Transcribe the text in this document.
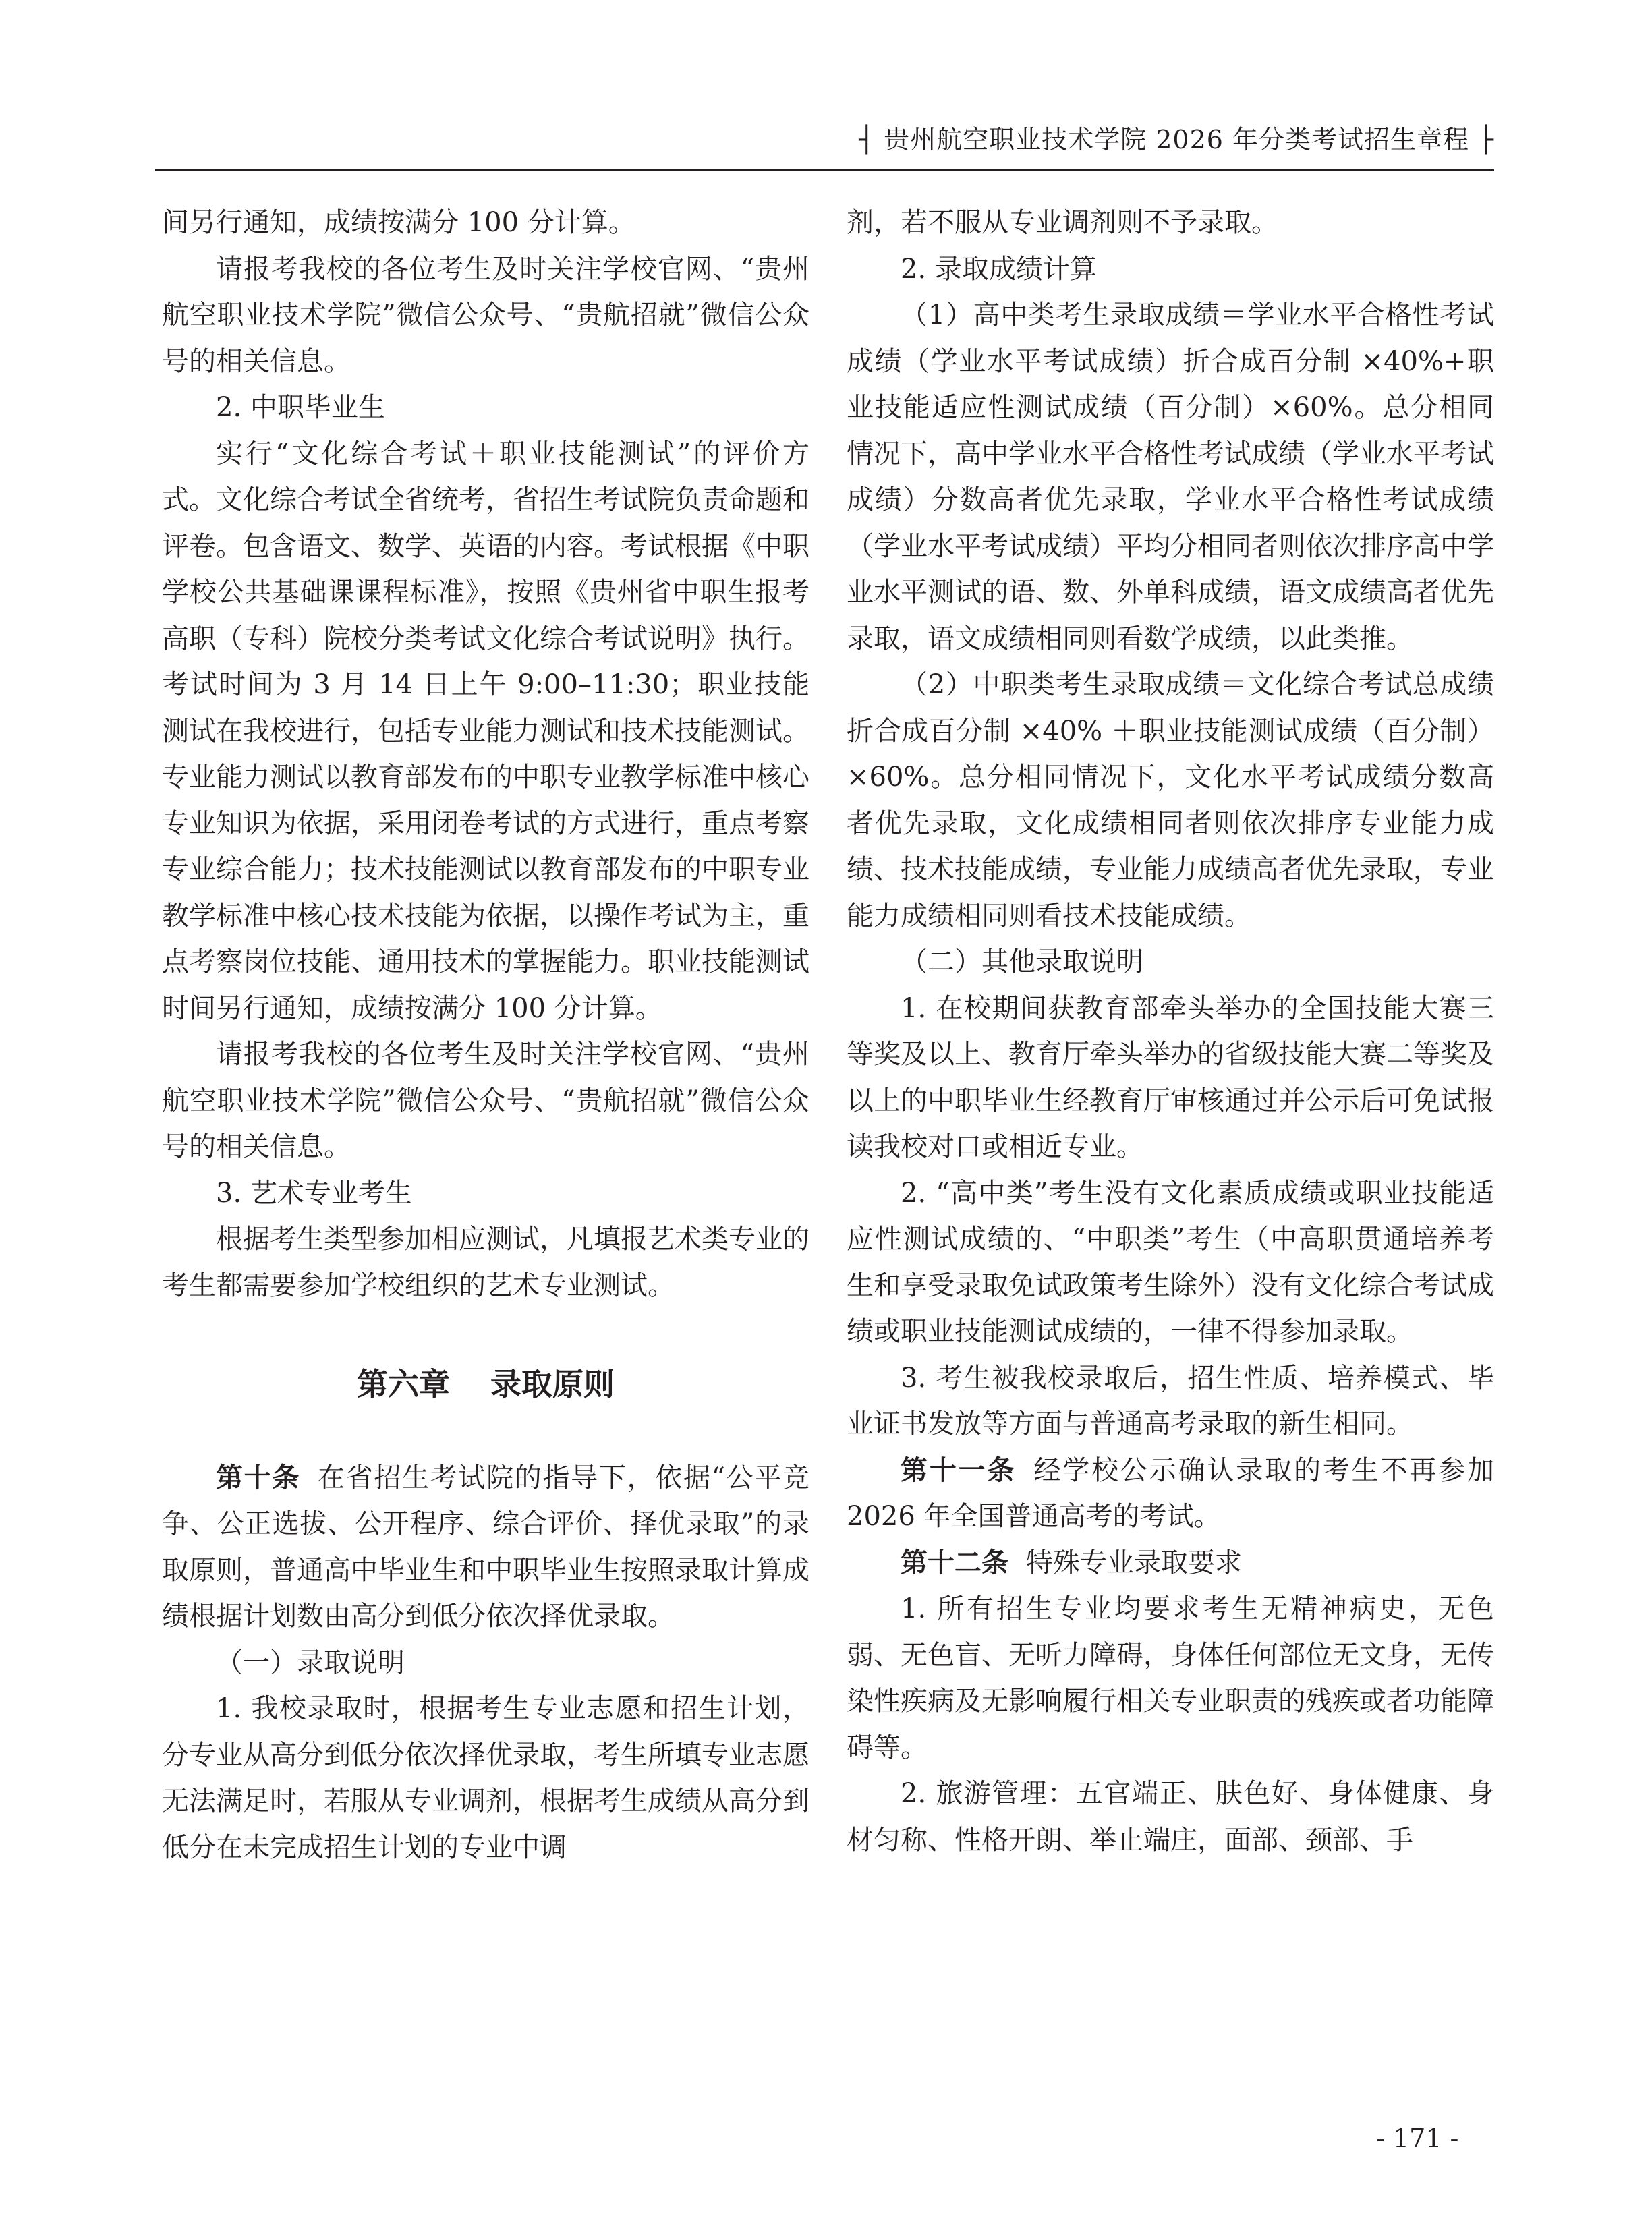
┤ 贵州航空职业技术学院 2026 年分类考试招生章程 ├

间另行通知，成绩按满分 100 分计算。

请报考我校的各位考生及时关注学校官网、“贵州航空职业技术学院”微信公众号、“贵航招就”微信公众号的相关信息。

2. 中职毕业生

实行“文化综合考试＋职业技能测试”的评价方式。文化综合考试全省统考，省招生考试院负责命题和评卷。包含语文、数学、英语的内容。考试根据《中职学校公共基础课课程标准》，按照《贵州省中职生报考高职（专科）院校分类考试文化综合考试说明》执行。考试时间为 3 月 14 日上午 9:00–11:30；职业技能测试在我校进行，包括专业能力测试和技术技能测试。专业能力测试以教育部发布的中职专业教学标准中核心专业知识为依据，采用闭卷考试的方式进行，重点考察专业综合能力；技术技能测试以教育部发布的中职专业教学标准中核心技术技能为依据，以操作考试为主，重点考察岗位技能、通用技术的掌握能力。职业技能测试时间另行通知，成绩按满分 100 分计算。

请报考我校的各位考生及时关注学校官网、“贵州航空职业技术学院”微信公众号、“贵航招就”微信公众号的相关信息。

3. 艺术专业考生

根据考生类型参加相应测试，凡填报艺术类专业的考生都需要参加学校组织的艺术专业测试。

第六章 录取原则

第十条 在省招生考试院的指导下，依据“公平竞争、公正选拔、公开程序、综合评价、择优录取”的录取原则，普通高中毕业生和中职毕业生按照录取计算成绩根据计划数由高分到低分依次择优录取。

（一）录取说明

1. 我校录取时，根据考生专业志愿和招生计划，分专业从高分到低分依次择优录取，考生所填专业志愿无法满足时，若服从专业调剂，根据考生成绩从高分到低分在未完成招生计划的专业中调

剂，若不服从专业调剂则不予录取。

2. 录取成绩计算

（1）高中类考生录取成绩＝学业水平合格性考试成绩（学业水平考试成绩）折合成百分制 ×40%+职业技能适应性测试成绩（百分制）×60%。总分相同情况下，高中学业水平合格性考试成绩（学业水平考试成绩）分数高者优先录取，学业水平合格性考试成绩（学业水平考试成绩）平均分相同者则依次排序高中学业水平测试的语、数、外单科成绩，语文成绩高者优先录取，语文成绩相同则看数学成绩，以此类推。

（2）中职类考生录取成绩＝文化综合考试总成绩折合成百分制 ×40% ＋职业技能测试成绩（百分制）×60%。总分相同情况下，文化水平考试成绩分数高者优先录取，文化成绩相同者则依次排序专业能力成绩、技术技能成绩，专业能力成绩高者优先录取，专业能力成绩相同则看技术技能成绩。

（二）其他录取说明

1. 在校期间获教育部牵头举办的全国技能大赛三等奖及以上、教育厅牵头举办的省级技能大赛二等奖及以上的中职毕业生经教育厅审核通过并公示后可免试报读我校对口或相近专业。

2. “高中类”考生没有文化素质成绩或职业技能适应性测试成绩的、“中职类”考生（中高职贯通培养考生和享受录取免试政策考生除外）没有文化综合考试成绩或职业技能测试成绩的，一律不得参加录取。

3. 考生被我校录取后，招生性质、培养模式、毕业证书发放等方面与普通高考录取的新生相同。

第十一条 经学校公示确认录取的考生不再参加 2026 年全国普通高考的考试。

第十二条 特殊专业录取要求

1. 所有招生专业均要求考生无精神病史，无色弱、无色盲、无听力障碍，身体任何部位无文身，无传染性疾病及无影响履行相关专业职责的残疾或者功能障碍等。

2. 旅游管理：五官端正、肤色好、身体健康、身材匀称、性格开朗、举止端庄，面部、颈部、手

- 171 -
